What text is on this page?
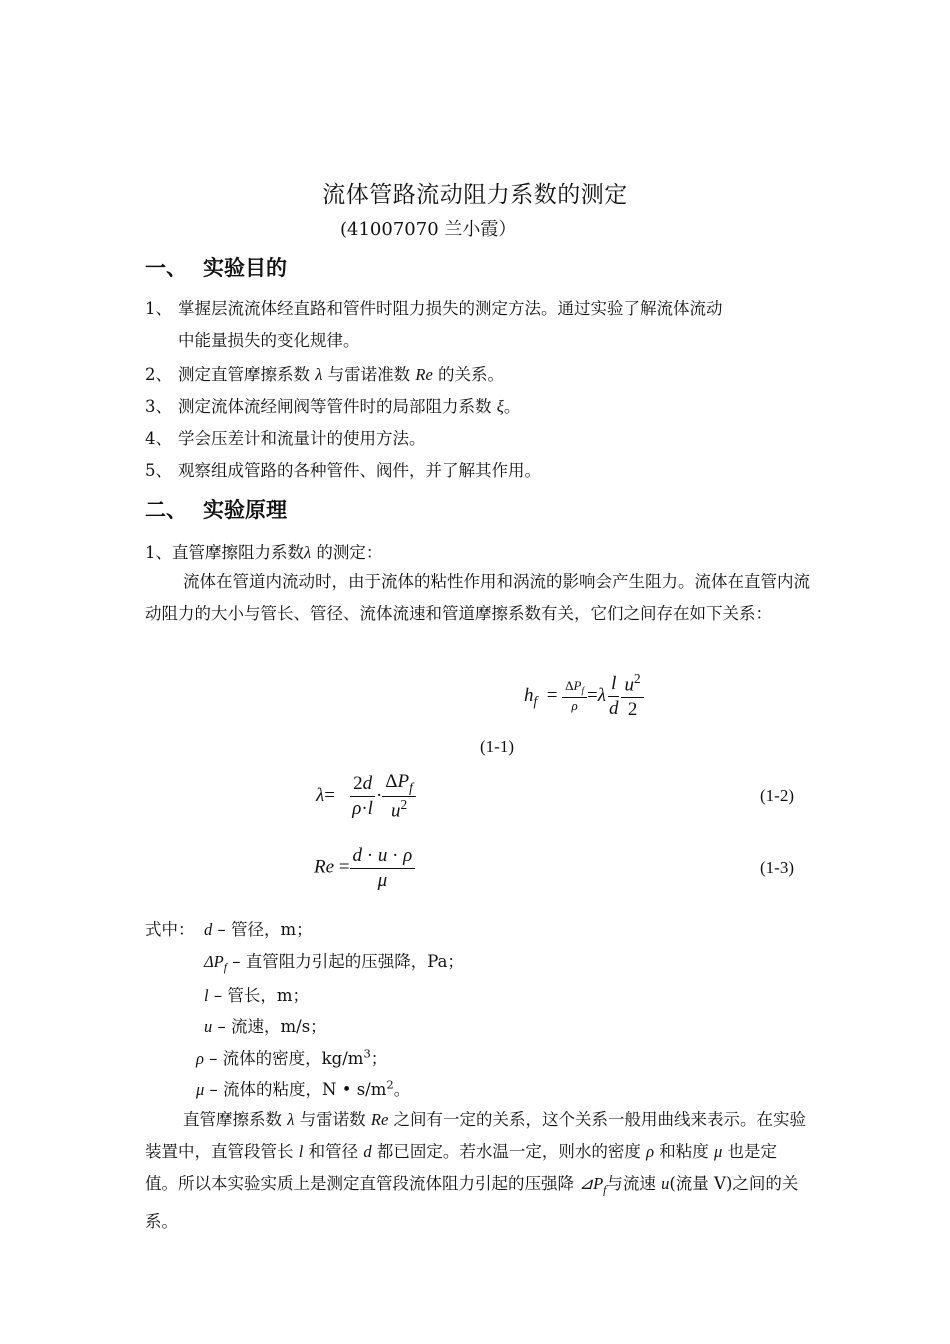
流体管路流动阻力系数的测定
(41007070 兰小霞）
一、 实验目的
1、 掌握层流流体经直路和管件时阻力损失的测定方法。通过实验了解流体流动
中能量损失的变化规律。
2、 测定直管摩擦系数 λ 与雷诺准数 Re 的关系。
3、 测定流体流经闸阀等管件时的局部阻力系数 ξ。
4、 学会压差计和流量计的使用方法。
5、 观察组成管路的各种管件、阀件，并了解其作用。
二、 实验原理
1、直管摩擦阻力系数λ 的测定：
流体在管道内流动时，由于流体的粘性作用和涡流的影响会产生阻力。流体在直管内流动阻力的大小与管长、管径、流体流速和管道摩擦系数有关，它们之间存在如下关系：
$h_f = \frac{\Delta P_f}{\rho} =\lambda \frac{l}{d} \frac{u^2}{2}$
(1-1)
$\lambda= \frac{2d}{\rho\cdot l} \cdot \frac{\Delta P_f}{u^2}$	(1-2)
$Re = \frac{d \cdot u \cdot \rho}{\mu}$	(1-3)
式中： d – 管径，m；
$\Delta P_f$ – 直管阻力引起的压强降，Pa；
l – 管长，m；
u – 流速，m/s；
ρ – 流体的密度，$kg/m^3$；
μ – 流体的粘度，N • $s/m^2$。
直管摩擦系数 λ 与雷诺数 Re 之间有一定的关系，这个关系一般用曲线来表示。在实验装置中，直管段管长 l 和管径 d 都已固定。若水温一定，则水的密度 ρ 和粘度 μ 也是定值。所以本实验实质上是测定直管段流体阻力引起的压强降 $⊿P_f$与流速 u(流量 V)之间的关系。
